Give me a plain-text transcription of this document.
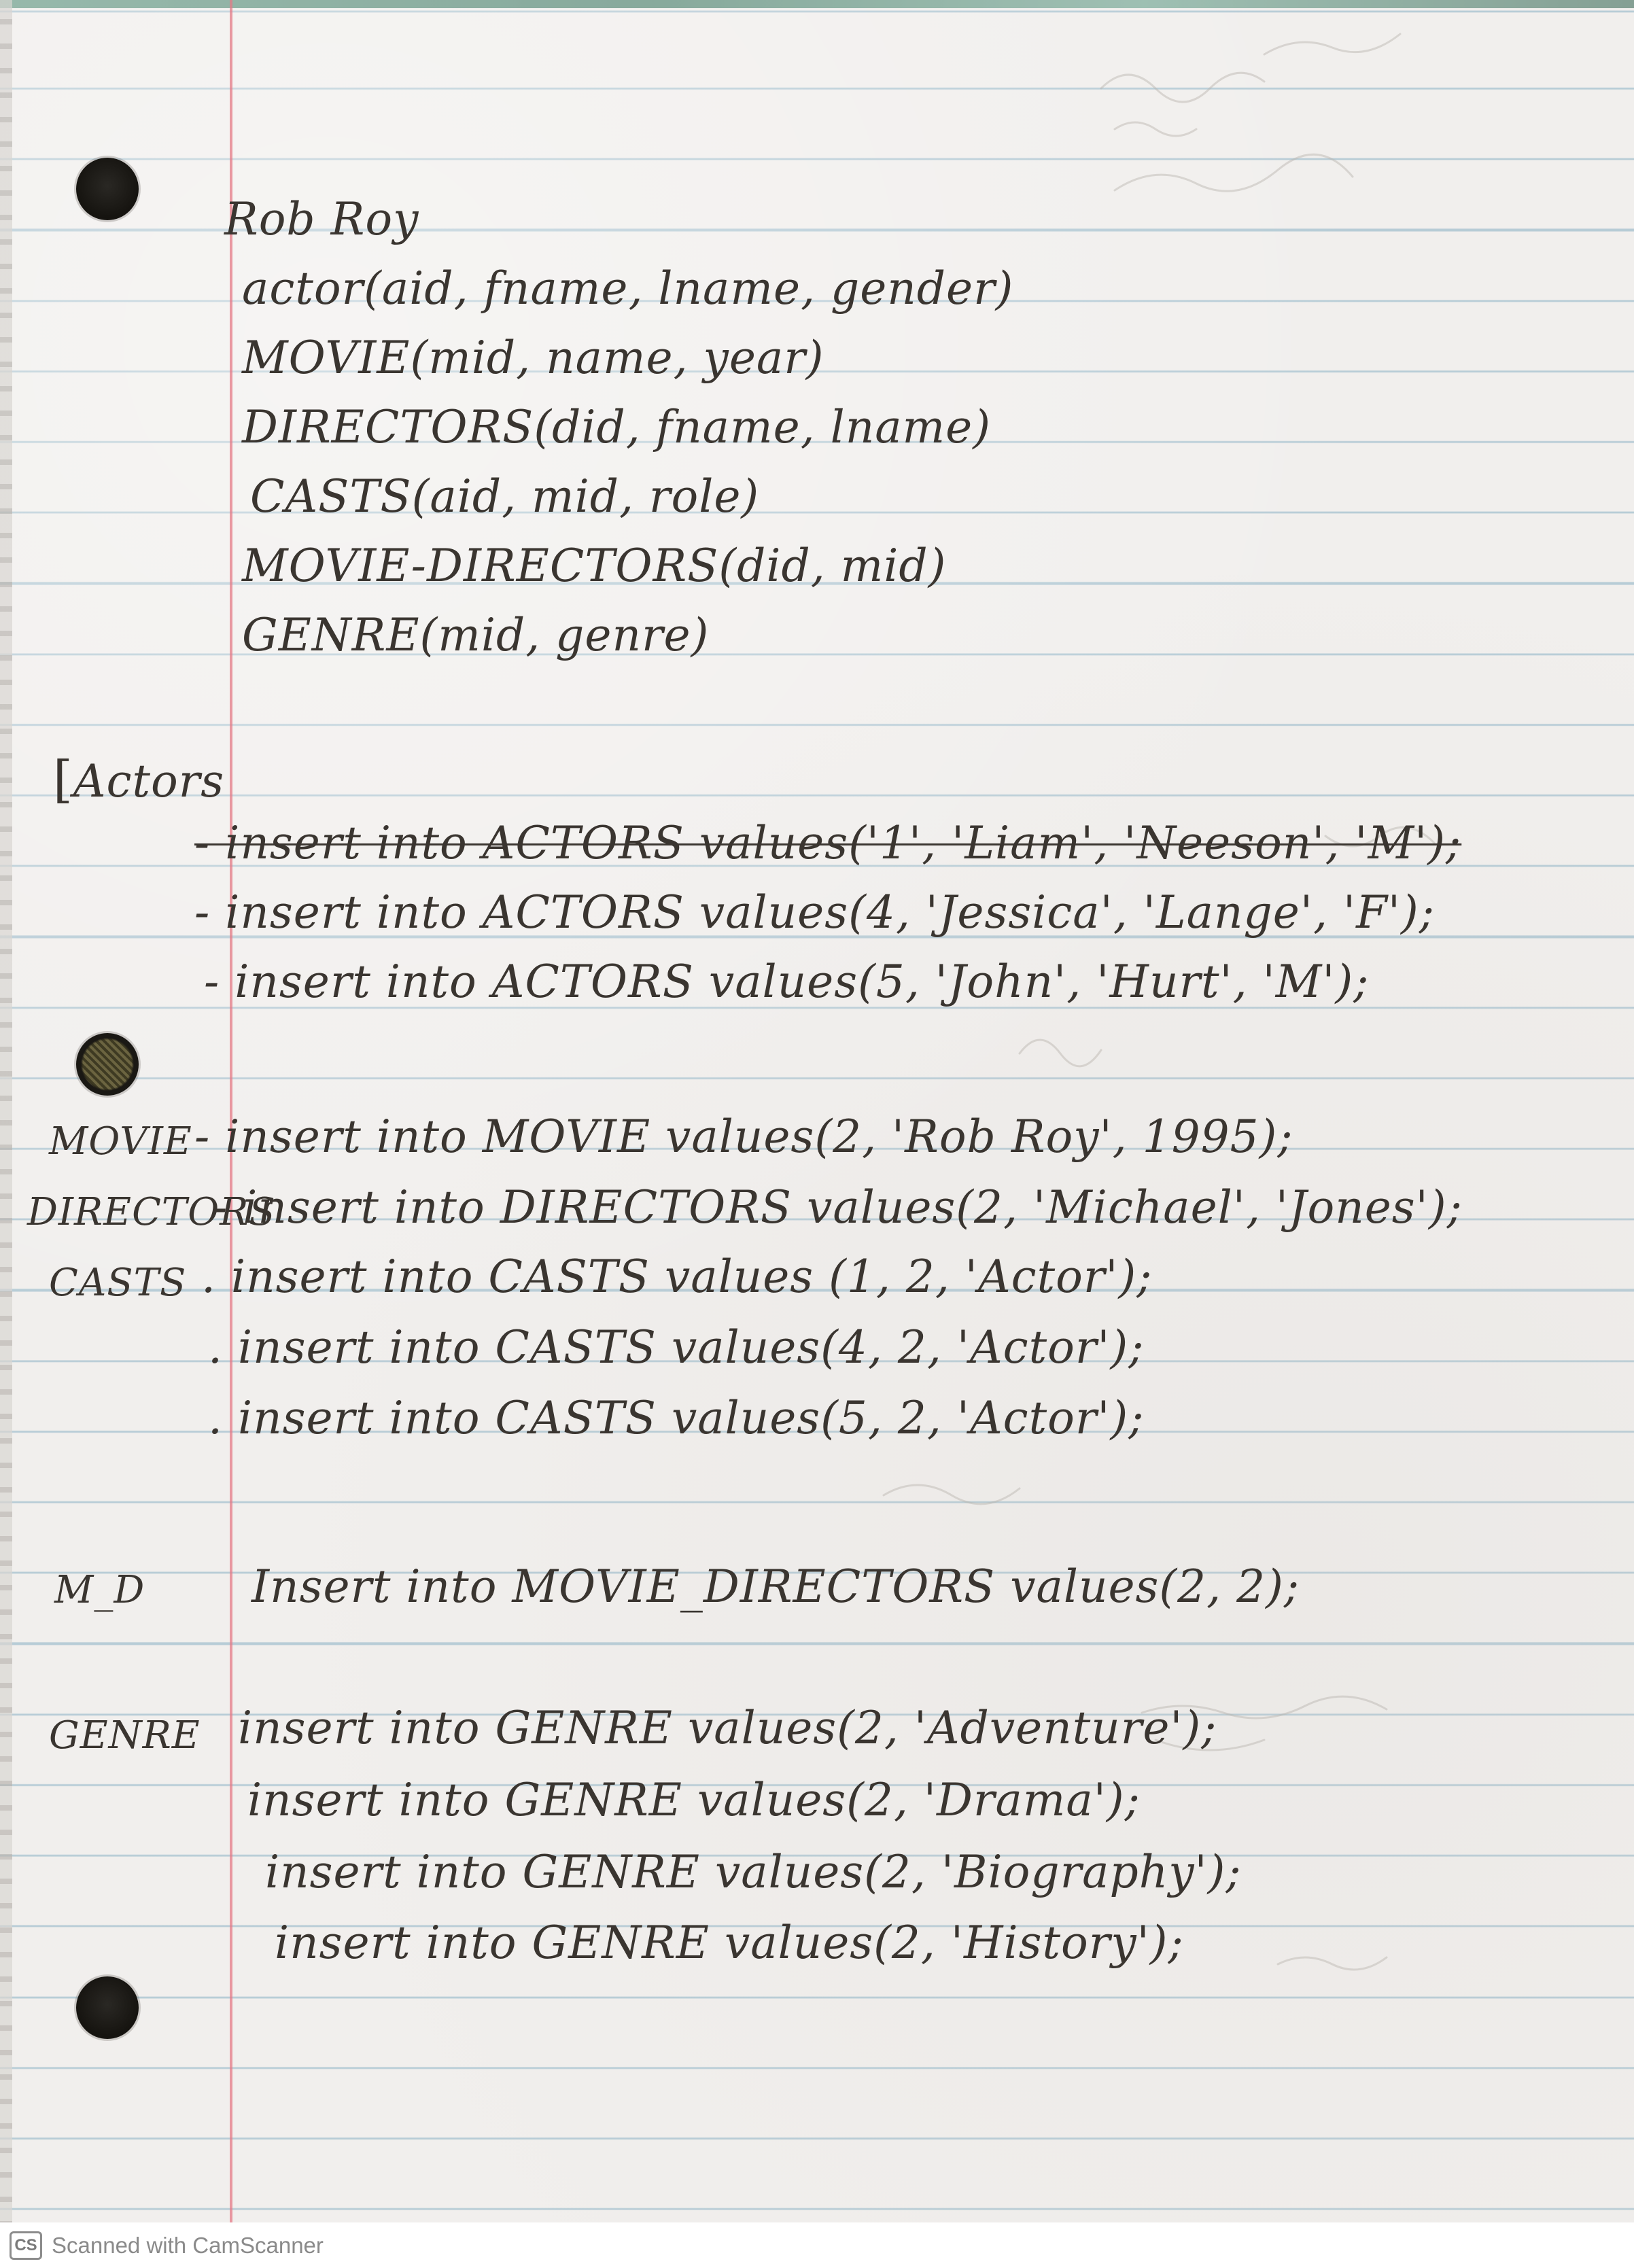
Rob Roy
actor(aid, fname, lname, gender)
MOVIE(mid, name, year)
DIRECTORS(did, fname, lname)
CASTS(aid, mid, role)
MOVIE-DIRECTORS(did, mid)
GENRE(mid, genre)
[Actors
- insert into ACTORS values('1', 'Liam', 'Neeson', 'M');
- insert into ACTORS values(4, 'Jessica', 'Lange', 'F');
- insert into ACTORS values(5, 'John', 'Hurt', 'M');
MOVIE - insert into MOVIE values(2, 'Rob Roy', 1995);
DIRECTORS
- insert into DIRECTORS values(2, 'Michael', 'Jones');
CASTS . insert into CASTS values (1, 2, 'Actor');
. insert into CASTS values(4, 2, 'Actor');
. insert into CASTS values(5, 2, 'Actor');
M_D Insert into MOVIE_DIRECTORS values(2, 2);
GENRE insert into GENRE values(2, 'Adventure');
insert into GENRE values(2, 'Drama');
insert into GENRE values(2, 'Biography');
insert into GENRE values(2, 'History');
CS Scanned with CamScanner
